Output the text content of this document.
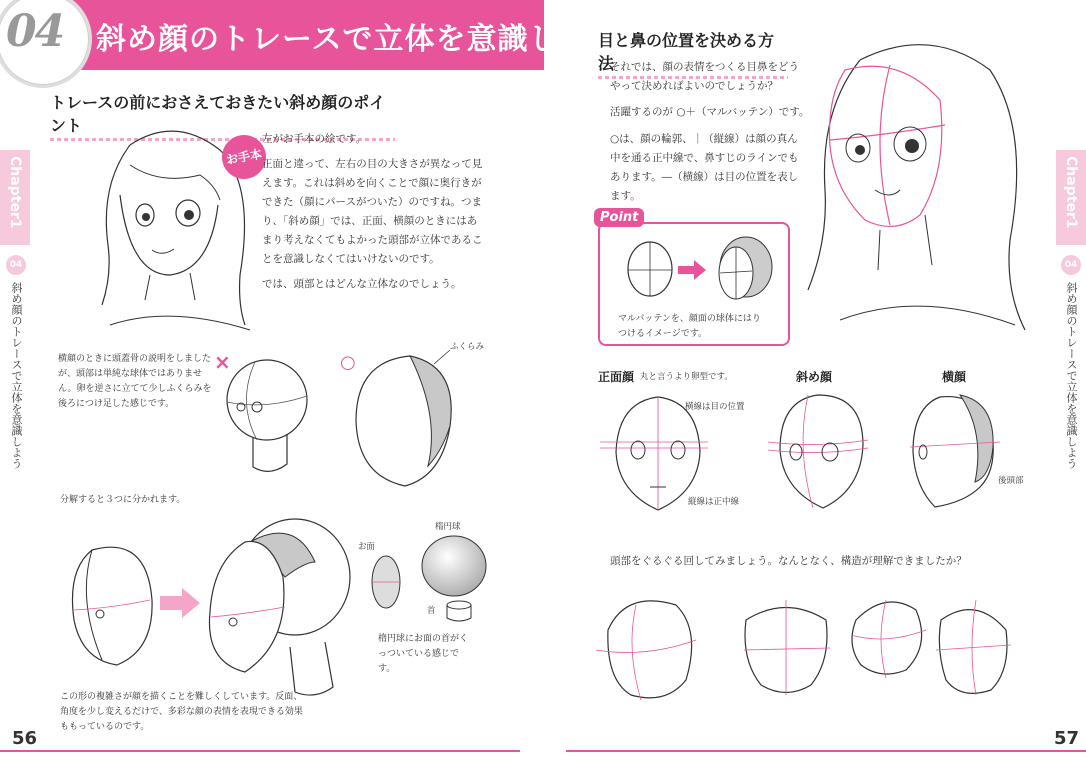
04 斜め顔のトレースで立体を意識しよう
トレースの前におさえておきたい斜め顔のポイント
Chapter1
04
斜め顔のトレースで立体を意識しよう
お手本
左がお手本の絵です。
正面と違って、左右の目の大きさが異なって見えます。これは斜めを向くことで顔に奥行きができた（顔にパースがついた）のですね。つまり、「斜め顔」では、正面、横顔のときにはあまり考えなくてもよかった頭部が立体であることを意識しなくてはいけないのです。
では、頭部とはどんな立体なのでしょう。
横顔のときに頭蓋骨の説明をしましたが、頭部は単純な球体ではありません。卵を逆さに立てて少しふくらみを後ろにつけ足した感じです。
×	○
ふくらみ
分解すると３つに分かれます。
お面
楕円球
首
楕円球にお面の首がくっついている感じです。
この形の複雑さが顔を描くことを難しくしています。反面、角度を少し変えるだけで、多彩な顔の表情を表現できる効果ももっているのです。
56
目と鼻の位置を決める方法
それでは、顔の表情をつくる目鼻をどうやって決めればよいのでしょうか？
活躍するのが ○＋（マルバッテン）です。
○は、顔の輪郭、｜（縦線）は顔の真ん中を通る正中線で、鼻すじのラインでもあります。―（横線）は目の位置を表します。
Point
マルバッテンを、顔面の球体にはりつけるイメージです。
Chapter1
04
斜め顔のトレースで立体を意識しよう
正面顔 丸と言うより卵型です。	斜め顔	横顔
横線は目の位置
縦線は正中線
後頭部
頭部をぐるぐる回してみましょう。なんとなく、構造が理解できましたか？
57
